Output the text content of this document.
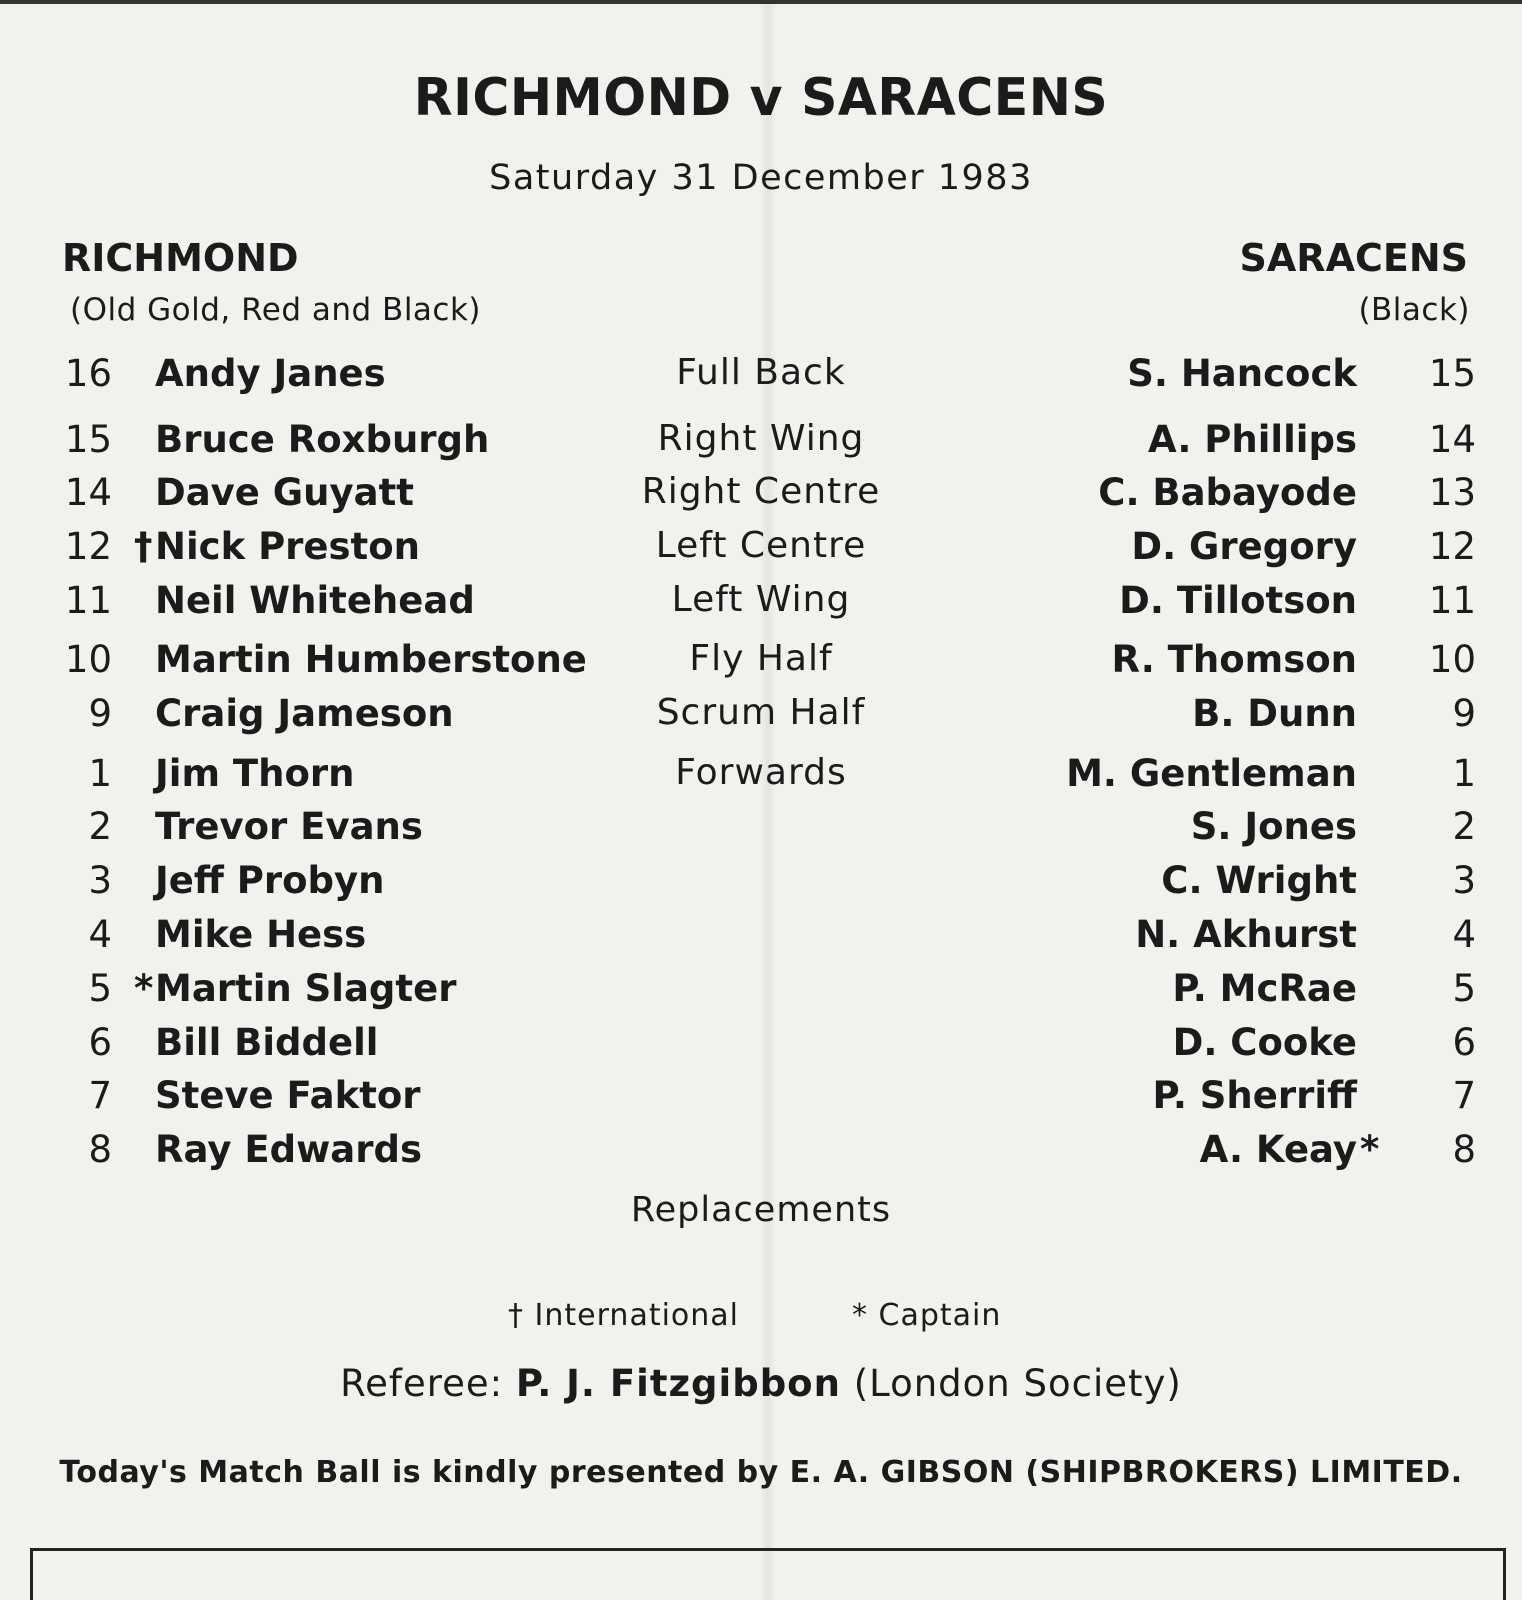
RICHMOND v SARACENS
Saturday 31 December 1983
RICHMOND	SARACENS
(Old Gold, Red and Black)	(Black)
16 Andy Janes	Full Back	S. Hancock 15
15 Bruce Roxburgh	Right Wing	A. Phillips 14
14 Dave Guyatt	Right Centre	C. Babayode 13
12 † Nick Preston	Left Centre	D. Gregory 12
11 Neil Whitehead	Left Wing	D. Tillotson 11
10 Martin Humberstone	Fly Half	R. Thomson 10
9 Craig Jameson	Scrum Half	B. Dunn	9
1 Jim Thorn	Forwards	M. Gentleman	1
2 Trevor Evans	S. Jones	2
3 Jeff Probyn	C. Wright	3
4 Mike Hess	N. Akhurst	4
5 * Martin Slagter	P. McRae	5
6 Bill Biddell	D. Cooke	6
7 Steve Faktor	P. Sherriff	7
8 Ray Edwards	A. Keay * 8
Replacements
† International	* Captain
Referee: P. J. Fitzgibbon (London Society)
Today's Match Ball is kindly presented by E. A. GIBSON (SHIPBROKERS) LIMITED.
